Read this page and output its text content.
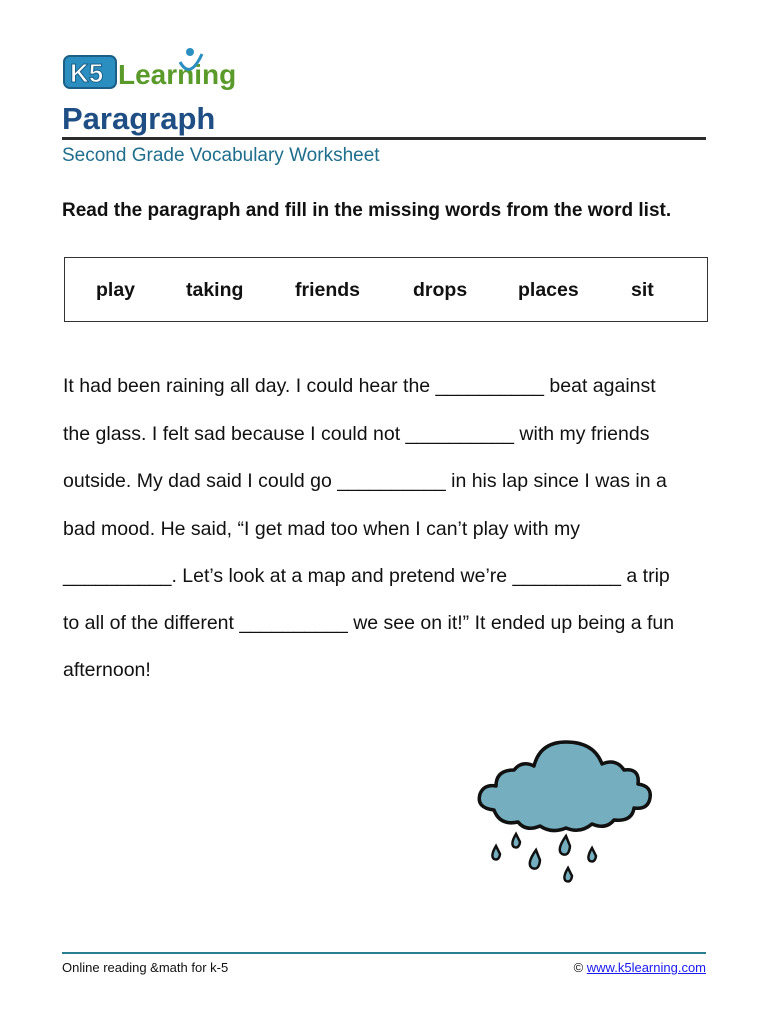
K5 Learning
Paragraph
Second Grade Vocabulary Worksheet
Read the paragraph and fill in the missing words from the word list.
play	taking	friends	drops	places	sit
It had been raining all day. I could hear the __________ beat against
the glass. I felt sad because I could not __________ with my friends
outside. My dad said I could go __________ in his lap since I was in a
bad mood. He said, “I get mad too when I can’t play with my
__________. Let’s look at a map and pretend we’re __________ a trip
to all of the different __________ we see on it!” It ended up being a fun
afternoon!
Online reading &math for k-5	© www.k5learning.com
